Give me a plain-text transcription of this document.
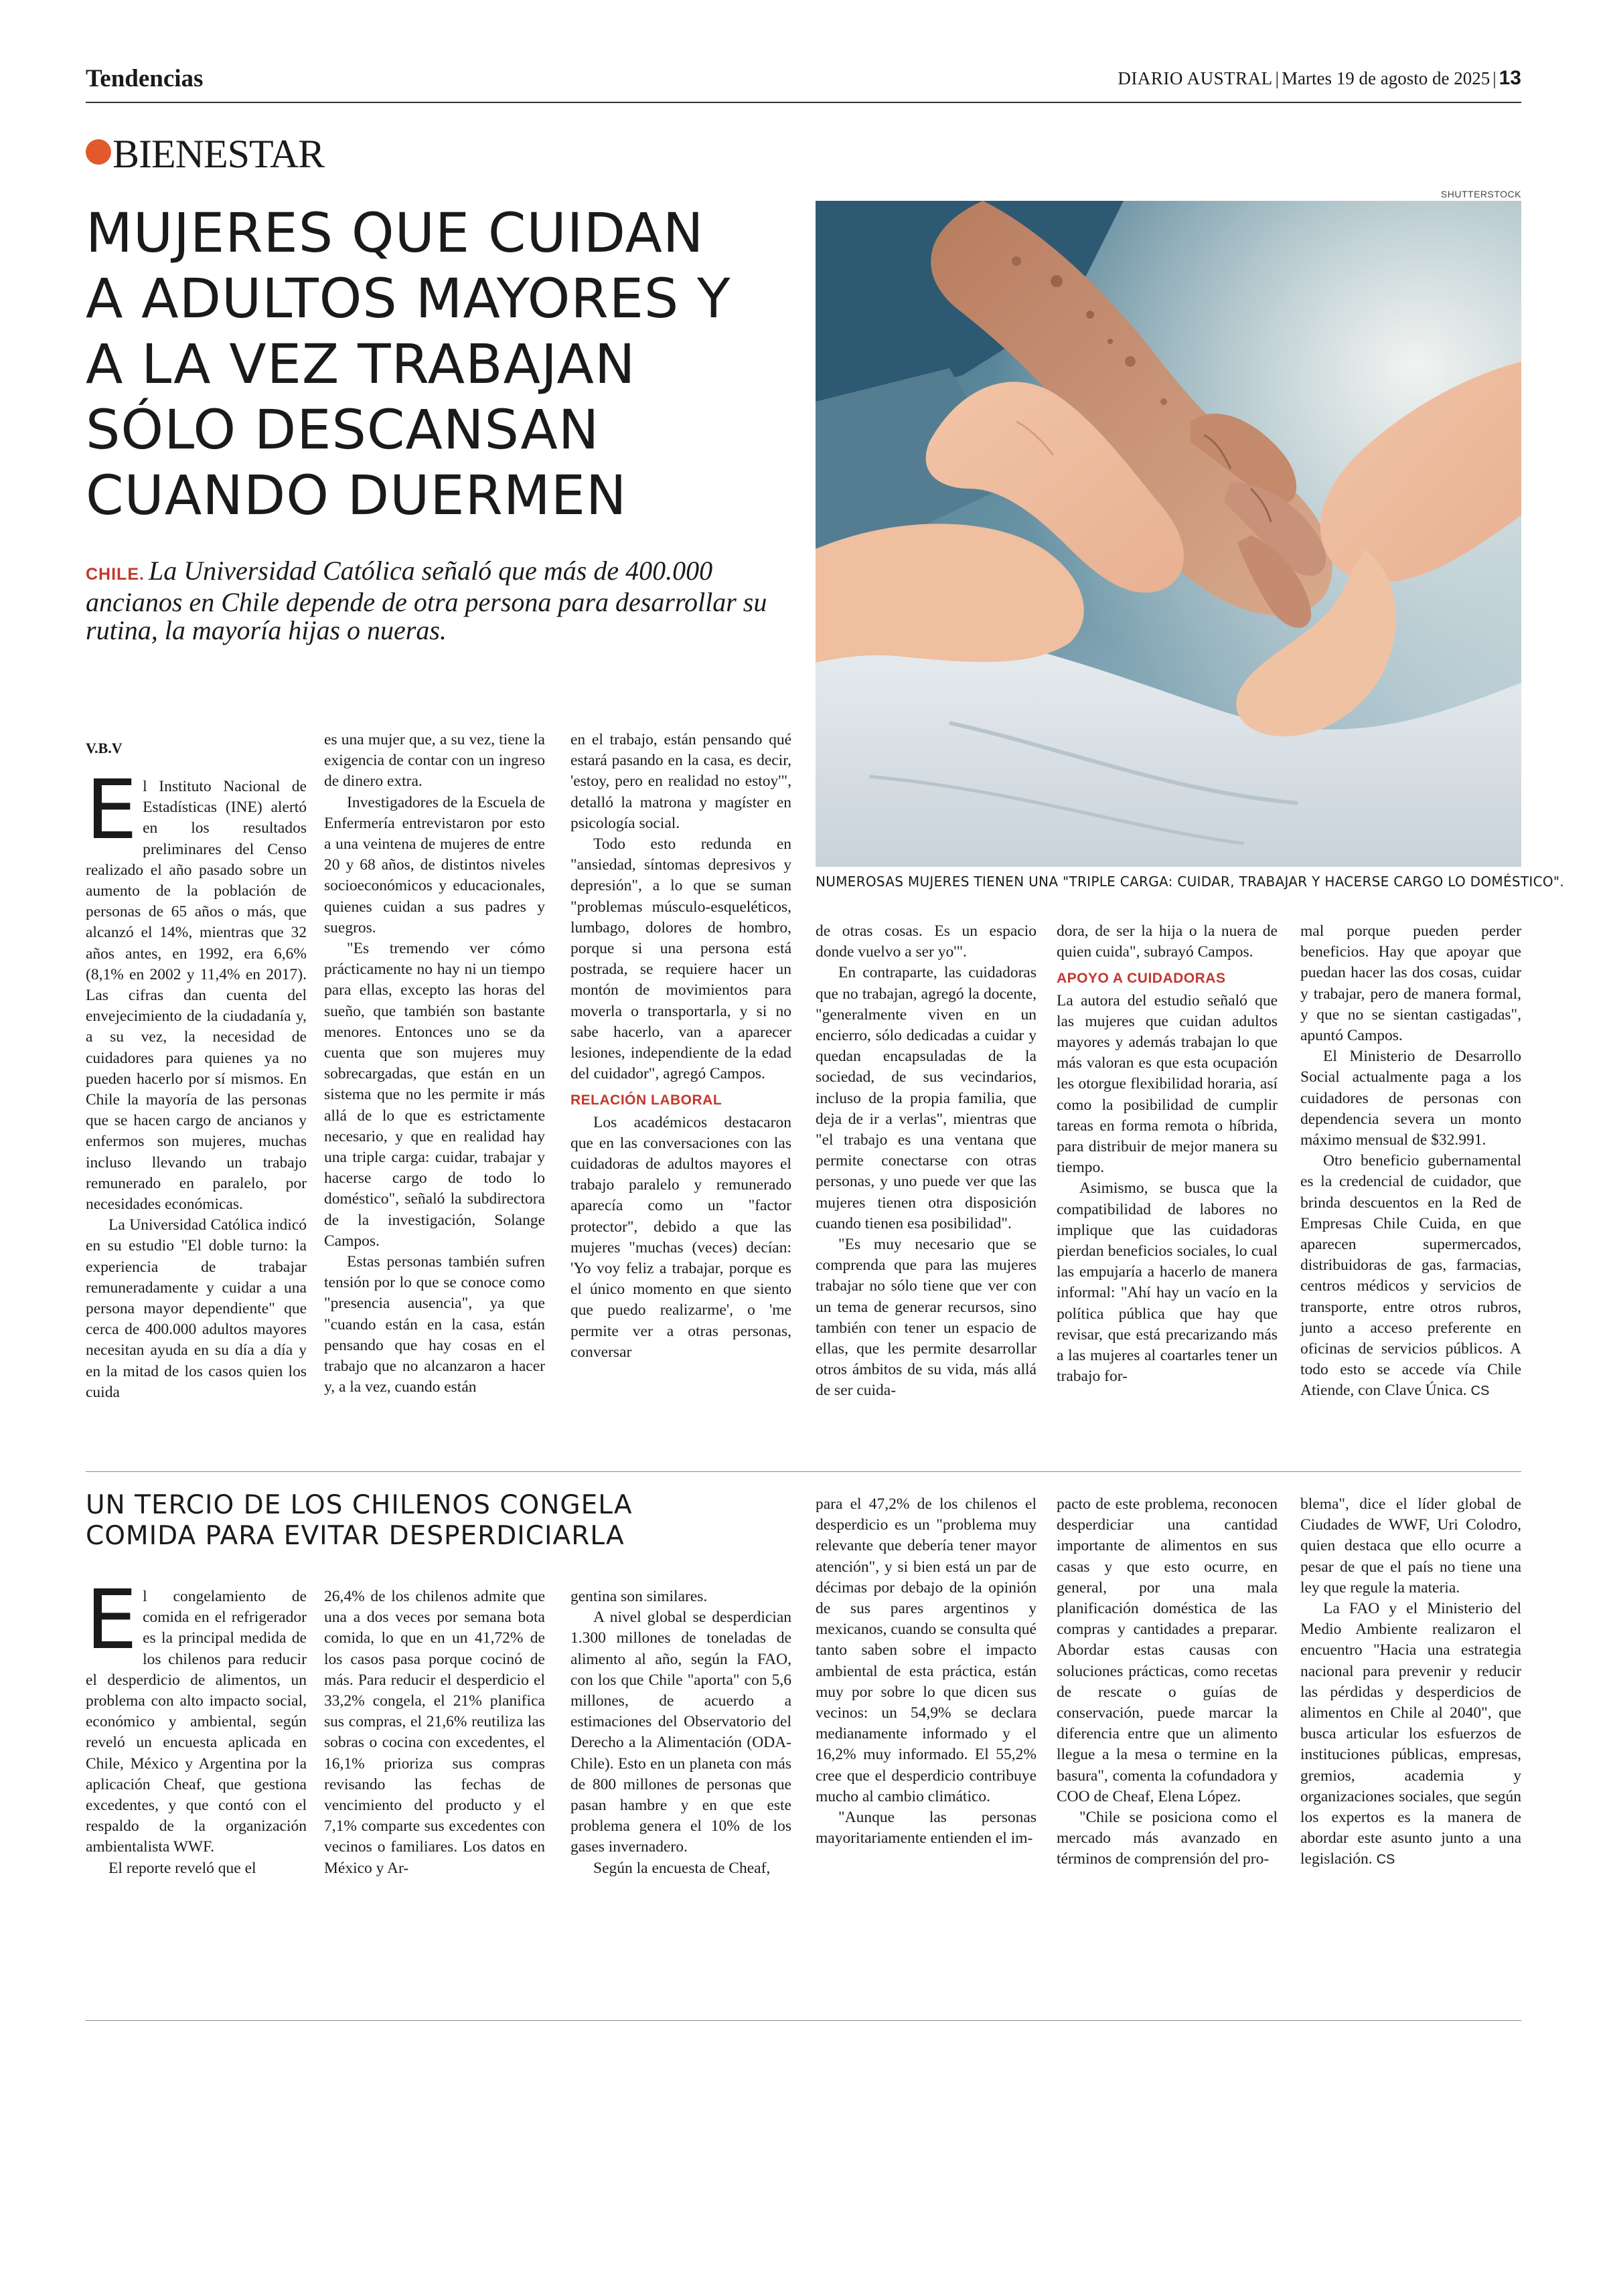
Tendencias	DIARIO AUSTRAL | Martes 19 de agosto de 2025 | 13
BIENESTAR
MUJERES QUE CUIDAN
A ADULTOS MAYORES Y
A LA VEZ TRABAJAN
SÓLO DESCANSAN
CUANDO DUERMEN
CHILE. La Universidad Católica señaló que más de 400.000 ancianos en Chile depende de otra persona para desarrollar su rutina, la mayoría hijas o nueras.
SHUTTERSTOCK
NUMEROSAS MUJERES TIENEN UNA "TRIPLE CARGA: CUIDAR, TRABAJAR Y HACERSE CARGO LO DOMÉSTICO".
V.B.V

El Instituto Nacional de Estadísticas (INE) alertó en los resultados preliminares del Censo realizado el año pasado sobre un aumento de la población de personas de 65 años o más, que alcanzó el 14%, mientras que 32 años antes, en 1992, era 6,6% (8,1% en 2002 y 11,4% en 2017). Las cifras dan cuenta del envejecimiento de la ciudadanía y, a su vez, la necesidad de cuidadores para quienes ya no pueden hacerlo por sí mismos. En Chile la mayoría de las personas que se hacen cargo de ancianos y enfermos son mujeres, muchas incluso llevando un trabajo remunerado en paralelo, por necesidades económicas.

La Universidad Católica indicó en su estudio "El doble turno: la experiencia de trabajar remuneradamente y cuidar a una persona mayor dependiente" que cerca de 400.000 adultos mayores necesitan ayuda en su día a día y en la mitad de los casos quien los cuida

es una mujer que, a su vez, tiene la exigencia de contar con un ingreso de dinero extra.

Investigadores de la Escuela de Enfermería entrevistaron por esto a una veintena de mujeres de entre 20 y 68 años, de distintos niveles socioeconómicos y educacionales, quienes cuidan a sus padres y suegros.

"Es tremendo ver cómo prácticamente no hay ni un tiempo para ellas, excepto las horas del sueño, que también son bastante menores. Entonces uno se da cuenta que son mujeres muy sobrecargadas, que están en un sistema que no les permite ir más allá de lo que es estrictamente necesario, y que en realidad hay una triple carga: cuidar, trabajar y hacerse cargo de todo lo doméstico", señaló la subdirectora de la investigación, Solange Campos.

Estas personas también sufren tensión por lo que se conoce como "presencia ausencia", ya que "cuando están en la casa, están pensando que hay cosas en el trabajo que no alcanzaron a hacer y, a la vez, cuando están

en el trabajo, están pensando qué estará pasando en la casa, es decir, 'estoy, pero en realidad no estoy'", detalló la matrona y magíster en psicología social.

Todo esto redunda en "ansiedad, síntomas depresivos y depresión", a lo que se suman "problemas músculo-esqueléticos, lumbago, dolores de hombro, porque si una persona está postrada, se requiere hacer un montón de movimientos para moverla o transportarla, y si no sabe hacerlo, van a aparecer lesiones, independiente de la edad del cuidador", agregó Campos.

RELACIÓN LABORAL

Los académicos destacaron que en las conversaciones con las cuidadoras de adultos mayores el trabajo paralelo y remunerado aparecía como un "factor protector", debido a que las mujeres "muchas (veces) decían: 'Yo voy feliz a trabajar, porque es el único momento en que siento que puedo realizarme', o 'me permite ver a otras personas, conversar

de otras cosas. Es un espacio donde vuelvo a ser yo'".

En contraparte, las cuidadoras que no trabajan, agregó la docente, "generalmente viven en un encierro, sólo dedicadas a cuidar y quedan encapsuladas de la sociedad, de sus vecindarios, incluso de la propia familia, que deja de ir a verlas", mientras que "el trabajo es una ventana que permite conectarse con otras personas, y uno puede ver que las mujeres tienen otra disposición cuando tienen esa posibilidad".

"Es muy necesario que se comprenda que para las mujeres trabajar no sólo tiene que ver con un tema de generar recursos, sino también con tener un espacio de ellas, que les permite desarrollar otros ámbitos de su vida, más allá de ser cuida-

dora, de ser la hija o la nuera de quien cuida", subrayó Campos.

APOYO A CUIDADORAS

La autora del estudio señaló que las mujeres que cuidan adultos mayores y además trabajan lo que más valoran es que esta ocupación les otorgue flexibilidad horaria, así como la posibilidad de cumplir tareas en forma remota o híbrida, para distribuir de mejor manera su tiempo.

Asimismo, se busca que la compatibilidad de labores no implique que las cuidadoras pierdan beneficios sociales, lo cual las empujaría a hacerlo de manera informal: "Ahí hay un vacío en la política pública que hay que revisar, que está precarizando más a las mujeres al coartarles tener un trabajo for-

mal porque pueden perder beneficios. Hay que apoyar que puedan hacer las dos cosas, cuidar y trabajar, pero de manera formal, y que no se sientan castigadas", apuntó Campos.

El Ministerio de Desarrollo Social actualmente paga a los cuidadores de personas con dependencia severa un monto máximo mensual de $32.991.

Otro beneficio gubernamental es la credencial de cuidador, que brinda descuentos en la Red de Empresas Chile Cuida, en que aparecen supermercados, distribuidoras de gas, farmacias, centros médicos y servicios de transporte, entre otros rubros, junto a acceso preferente en oficinas de servicios públicos. A todo esto se accede vía Chile Atiende, con Clave Única. CS

UN TERCIO DE LOS CHILENOS CONGELA
COMIDA PARA EVITAR DESPERDICIARLA

El congelamiento de comida en el refrigerador es la principal medida de los chilenos para reducir el desperdicio de alimentos, un problema con alto impacto social, económico y ambiental, según reveló un encuesta aplicada en Chile, México y Argentina por la aplicación Cheaf, que gestiona excedentes, y que contó con el respaldo de la organización ambientalista WWF.

El reporte reveló que el

26,4% de los chilenos admite que una a dos veces por semana bota comida, lo que en un 41,72% de los casos pasa porque cocinó de más. Para reducir el desperdicio el 33,2% congela, el 21% planifica sus compras, el 21,6% reutiliza las sobras o cocina con excedentes, el 16,1% prioriza sus compras revisando las fechas de vencimiento del producto y el 7,1% comparte sus excedentes con vecinos o familiares. Los datos en México y Ar-

gentina son similares.

A nivel global se desperdician 1.300 millones de toneladas de alimento al año, según la FAO, con los que Chile "aporta" con 5,6 millones, de acuerdo a estimaciones del Observatorio del Derecho a la Alimentación (ODA-Chile). Esto en un planeta con más de 800 millones de personas que pasan hambre y en que este problema genera el 10% de los gases invernadero.

Según la encuesta de Cheaf,

para el 47,2% de los chilenos el desperdicio es un "problema muy relevante que debería tener mayor atención", y si bien está un par de décimas por debajo de la opinión de sus pares argentinos y mexicanos, cuando se consulta qué tanto saben sobre el impacto ambiental de esta práctica, están muy por sobre lo que dicen sus vecinos: un 54,9% se declara medianamente informado y el 16,2% muy informado. El 55,2% cree que el desperdicio contribuye mucho al cambio climático.

"Aunque las personas mayoritariamente entienden el im-

pacto de este problema, reconocen desperdiciar una cantidad importante de alimentos en sus casas y que esto ocurre, en general, por una mala planificación doméstica de las compras y cantidades a preparar. Abordar estas causas con soluciones prácticas, como recetas de rescate o guías de conservación, puede marcar la diferencia entre que un alimento llegue a la mesa o termine en la basura", comenta la cofundadora y COO de Cheaf, Elena López.

"Chile se posiciona como el mercado más avanzado en términos de comprensión del pro-

blema", dice el líder global de Ciudades de WWF, Uri Colodro, quien destaca que ello ocurre a pesar de que el país no tiene una ley que regule la materia.

La FAO y el Ministerio del Medio Ambiente realizaron el encuentro "Hacia una estrategia nacional para prevenir y reducir las pérdidas y desperdicios de alimentos en Chile al 2040", que busca articular los esfuerzos de instituciones públicas, empresas, gremios, academia y organizaciones sociales, que según los expertos es la manera de abordar este asunto junto a una legislación. CS
